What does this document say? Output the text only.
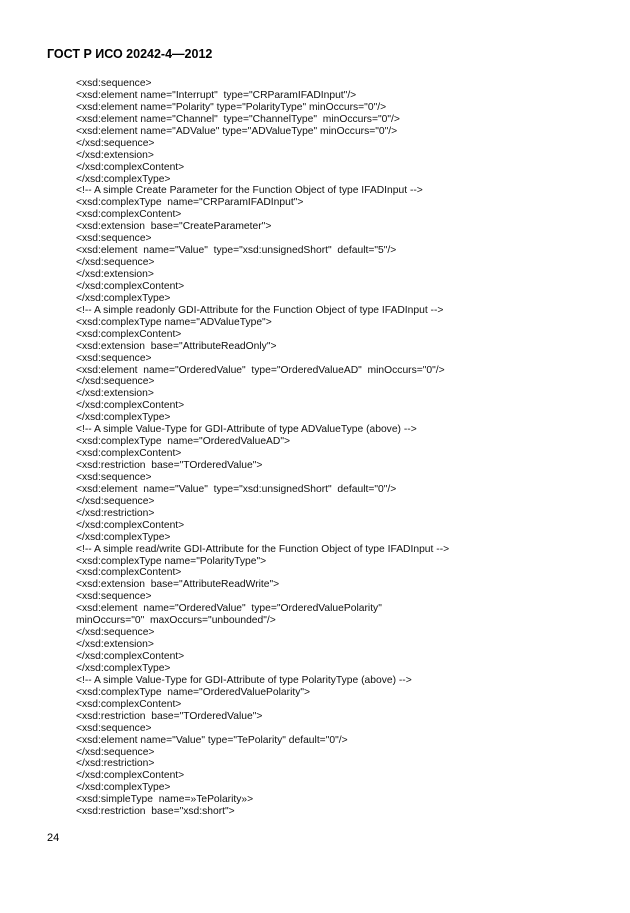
ГОСТ Р ИСО 20242-4—2012
<xsd:sequence>
<xsd:element name="Interrupt"  type="CRParamIFADInput"/>
<xsd:element name="Polarity" type="PolarityType" minOccurs="0"/>
<xsd:element name="Channel"  type="ChannelType"  minOccurs="0"/>
<xsd:element name="ADValue" type="ADValueType" minOccurs="0"/>
</xsd:sequence>
</xsd:extension>
</xsd:complexContent>
</xsd:complexType>
<!-- A simple Create Parameter for the Function Object of type IFADInput -->
<xsd:complexType  name="CRParamIFADInput">
<xsd:complexContent>
<xsd:extension  base="CreateParameter">
<xsd:sequence>
<xsd:element  name="Value"  type="xsd:unsignedShort"  default="5"/>
</xsd:sequence>
</xsd:extension>
</xsd:complexContent>
</xsd:complexType>
<!-- A simple readonly GDI-Attribute for the Function Object of type IFADInput -->
<xsd:complexType name="ADValueType">
<xsd:complexContent>
<xsd:extension  base="AttributeReadOnly">
<xsd:sequence>
<xsd:element  name="OrderedValue"  type="OrderedValueAD"  minOccurs="0"/>
</xsd:sequence>
</xsd:extension>
</xsd:complexContent>
</xsd:complexType>
<!-- A simple Value-Type for GDI-Attribute of type ADValueType (above) -->
<xsd:complexType  name="OrderedValueAD">
<xsd:complexContent>
<xsd:restriction  base="TOrderedValue">
<xsd:sequence>
<xsd:element  name="Value"  type="xsd:unsignedShort"  default="0"/>
</xsd:sequence>
</xsd:restriction>
</xsd:complexContent>
</xsd:complexType>
<!-- A simple read/write GDI-Attribute for the Function Object of type IFADInput -->
<xsd:complexType name="PolarityType">
<xsd:complexContent>
<xsd:extension  base="AttributeReadWrite">
<xsd:sequence>
<xsd:element  name="OrderedValue"  type="OrderedValuePolarity"
minOccurs="0"  maxOccurs="unbounded"/>
</xsd:sequence>
</xsd:extension>
</xsd:complexContent>
</xsd:complexType>
<!-- A simple Value-Type for GDI-Attribute of type PolarityType (above) -->
<xsd:complexType  name="OrderedValuePolarity">
<xsd:complexContent>
<xsd:restriction  base="TOrderedValue">
<xsd:sequence>
<xsd:element name="Value" type="TePolarity" default="0"/>
</xsd:sequence>
</xsd:restriction>
</xsd:complexContent>
</xsd:complexType>
<xsd:simpleType  name=»TePolarity»>
<xsd:restriction  base="xsd:short">
24
